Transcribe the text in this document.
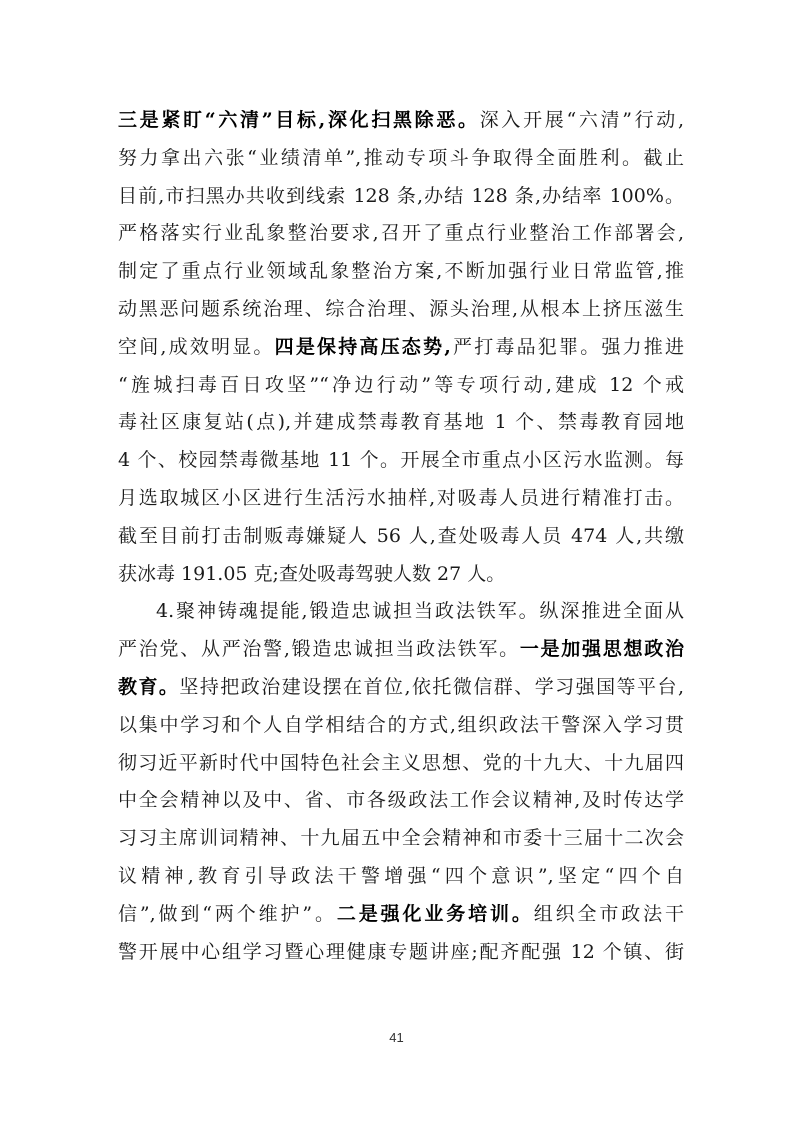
三是紧盯“六清”目标,深化扫黑除恶。深入开展“六清”行动,
努力拿出六张“业绩清单”,推动专项斗争取得全面胜利。截止
目前,市扫黑办共收到线索 128 条,办结 128 条,办结率 100%。
严格落实行业乱象整治要求,召开了重点行业整治工作部署会,
制定了重点行业领域乱象整治方案,不断加强行业日常监管,推
动黑恶问题系统治理、综合治理、源头治理,从根本上挤压滋生
空间,成效明显。四是保持高压态势,严打毒品犯罪。强力推进
“旌城扫毒百日攻坚”“净边行动”等专项行动,建成 12 个戒
毒社区康复站(点),并建成禁毒教育基地 1 个、禁毒教育园地
4 个、校园禁毒微基地 11 个。开展全市重点小区污水监测。每
月选取城区小区进行生活污水抽样,对吸毒人员进行精准打击。
截至目前打击制贩毒嫌疑人 56 人,查处吸毒人员 474 人,共缴
获冰毒 191.05 克;查处吸毒驾驶人数 27 人。
4.聚神铸魂提能,锻造忠诚担当政法铁军。纵深推进全面从
严治党、从严治警,锻造忠诚担当政法铁军。一是加强思想政治
教育。坚持把政治建设摆在首位,依托微信群、学习强国等平台,
以集中学习和个人自学相结合的方式,组织政法干警深入学习贯
彻习近平新时代中国特色社会主义思想、党的十九大、十九届四
中全会精神以及中、省、市各级政法工作会议精神,及时传达学
习习主席训词精神、十九届五中全会精神和市委十三届十二次会
议精神,教育引导政法干警增强“四个意识”,坚定“四个自
信”,做到“两个维护”。二是强化业务培训。组织全市政法干
警开展中心组学习暨心理健康专题讲座;配齐配强 12 个镇、街
41
